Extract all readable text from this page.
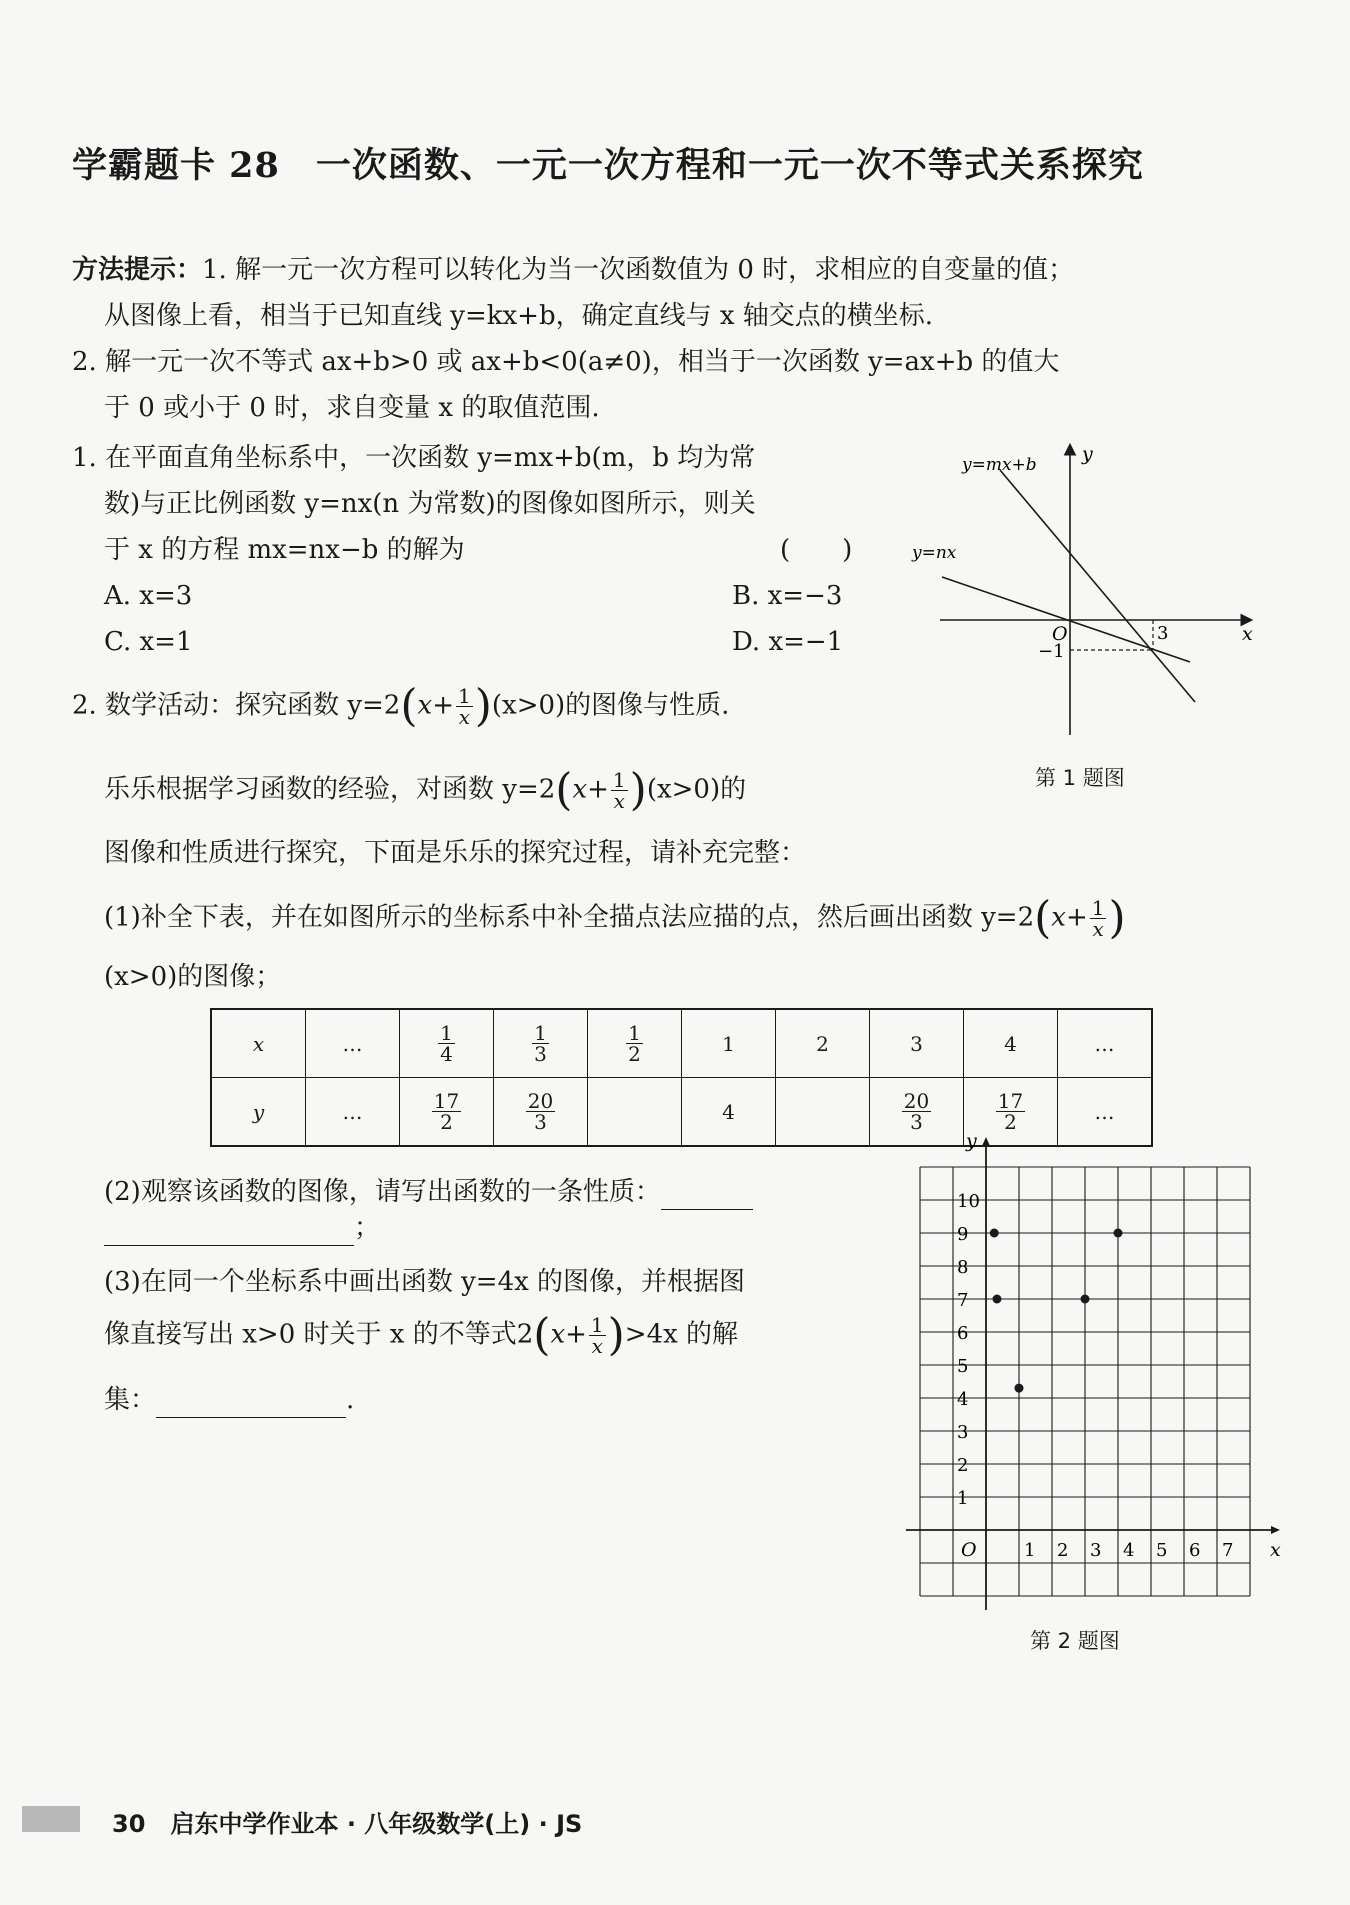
学霸题卡 28　一次函数、一元一次方程和一元一次不等式关系探究
方法提示：1. 解一元一次方程可以转化为当一次函数值为 0 时，求相应的自变量的值；
从图像上看，相当于已知直线 y=kx+b，确定直线与 x 轴交点的横坐标.
2. 解一元一次不等式 ax+b>0 或 ax+b<0(a≠0)，相当于一次函数 y=ax+b 的值大
于 0 或小于 0 时，求自变量 x 的取值范围.
1. 在平面直角坐标系中，一次函数 y=mx+b(m，b 均为常
数)与正比例函数 y=nx(n 为常数)的图像如图所示，则关
于 x 的方程 mx=nx−b 的解为	(　　)
A. x=3	B. x=−3
C. x=1	D. x=−1
y=mx+b
y=nx
y
x
O	3
−1
第 1 题图
2. 数学活动：探究函数 $y=2(x+ \frac{1}{x} )(x>0)$的图像与性质.
乐乐根据学习函数的经验，对函数 $y=2(x+ \frac{1}{x} )(x>0)$的
图像和性质进行探究，下面是乐乐的探究过程，请补充完整：
(1)补全下表，并在如图所示的坐标系中补全描点法应描的点，然后画出函数 $y=2(x+ \frac{1}{x}$ )
(x>0)的图像；
x	…	$\frac{1}{4}$	$\frac{1}{3}$	$\frac{1}{2}$	1	2	3	4	…
y	…	$\frac{17}{2}$	$\frac{20}{3}$		4		$\frac{20}{3}$	$\frac{17}{2}$	…
(2)观察该函数的图像，请写出函数的一条性质：
；
(3)在同一个坐标系中画出函数 y=4x 的图像，并根据图
像直接写出 x>0 时关于 x 的不等式$2(x+ \frac{1}{x} )>4x$ 的解
集：	.
1
2
3
4
5
6
7
8
9
10
1 2 3 4 5 6 7
O	x
y
第 2 题图
30 启东中学作业本 · 八年级数学(上) · JS
